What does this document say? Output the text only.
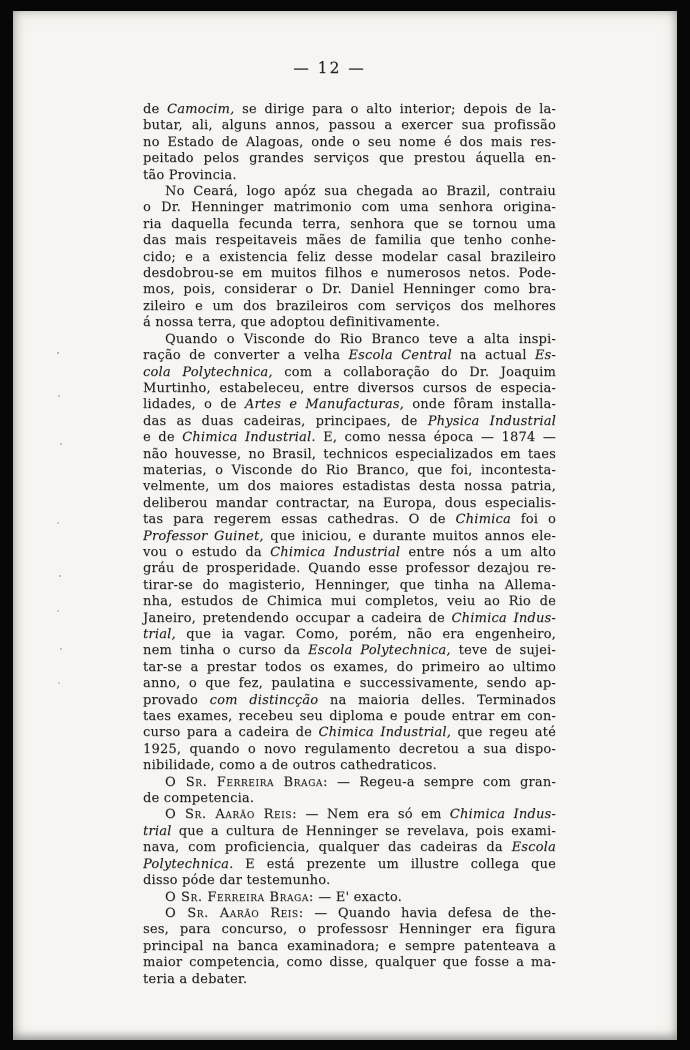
— 12 —
de Camocim, se dirige para o alto interior; depois de la-
butar, ali, alguns annos, passou a exercer sua profissão
no Estado de Alagoas, onde o seu nome é dos mais res-
peitado pelos grandes serviços que prestou áquella en-
tão Provincia.
No Ceará, logo apóz sua chegada ao Brazil, contraiu
o Dr. Henninger matrimonio com uma senhora origina-
ria daquella fecunda terra, senhora que se tornou uma
das mais respeitaveis mães de familia que tenho conhe-
cido; e a existencia feliz desse modelar casal brazileiro
desdobrou-se em muitos filhos e numerosos netos. Pode-
mos, pois, considerar o Dr. Daniel Henninger como bra-
zileiro e um dos brazileiros com serviços dos melhores
á nossa terra, que adoptou definitivamente.
Quando o Visconde do Rio Branco teve a alta inspi-
ração de converter a velha Escola Central na actual Es-
cola Polytechnica, com a collaboração do Dr. Joaquim
Murtinho, estabeleceu, entre diversos cursos de especia-
lidades, o de Artes e Manufacturas, onde fôram installa-
das as duas cadeiras, principaes, de Physica Industrial
e de Chimica Industrial. E, como nessa época — 1874 —
não houvesse, no Brasil, technicos especializados em taes
materias, o Visconde do Rio Branco, que foi, incontesta-
velmente, um dos maiores estadistas desta nossa patria,
deliberou mandar contractar, na Europa, dous especialis-
tas para regerem essas cathedras. O de Chimica foi o
Professor Guinet, que iniciou, e durante muitos annos ele-
vou o estudo da Chimica Industrial entre nós a um alto
gráu de prosperidade. Quando esse professor dezajou re-
tirar-se do magisterio, Henninger, que tinha na Allema-
nha, estudos de Chimica mui completos, veiu ao Rio de
Janeiro, pretendendo occupar a cadeira de Chimica Indus-
trial, que ia vagar. Como, porém, não era engenheiro,
nem tinha o curso da Escola Polytechnica, teve de sujei-
tar-se a prestar todos os exames, do primeiro ao ultimo
anno, o que fez, paulatina e successivamente, sendo ap-
provado com distincção na maioria delles. Terminados
taes exames, recebeu seu diploma e poude entrar em con-
curso para a cadeira de Chimica Industrial, que regeu até
1925, quando o novo regulamento decretou a sua dispo-
nibilidade, como a de outros cathedraticos.
O Sr. Ferreira Braga: — Regeu-a sempre com gran-
de competencia.
O Sr. Aarão Reis: — Nem era só em Chimica Indus-
trial que a cultura de Henninger se revelava, pois exami-
nava, com proficiencia, qualquer das cadeiras da Escola
Polytechnica. E está prezente um illustre collega que
disso póde dar testemunho.
O Sr. Ferreira Braga: — E' exacto.
O Sr. Aarão Reis: — Quando havia defesa de the-
ses, para concurso, o professosr Henninger era figura
principal na banca examinadora; e sempre patenteava a
maior competencia, como disse, qualquer que fosse a ma-
teria a debater.
